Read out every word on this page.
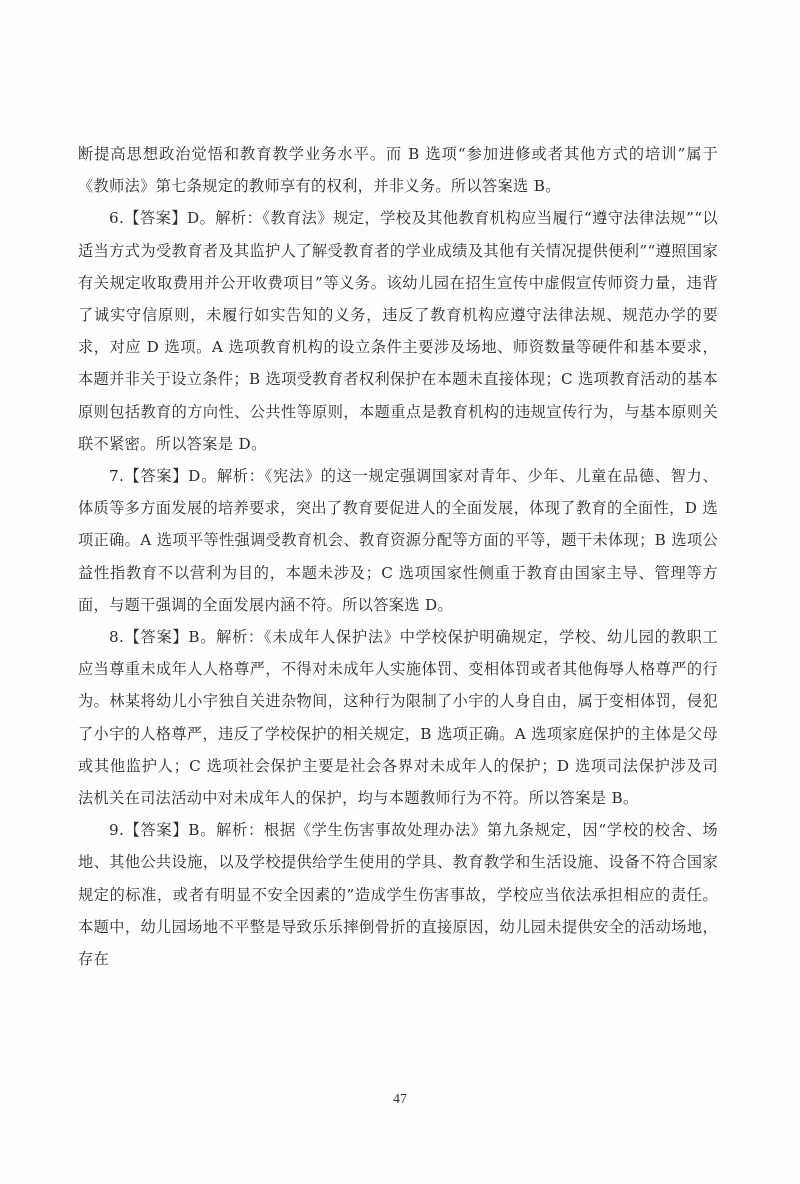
断提高思想政治觉悟和教育教学业务水平。而 B 选项“参加进修或者其他方式的培训”属于《教师法》第七条规定的教师享有的权利，并非义务。所以答案选 B。

6.【答案】D。解析：《教育法》规定，学校及其他教育机构应当履行“遵守法律法规”“以适当方式为受教育者及其监护人了解受教育者的学业成绩及其他有关情况提供便利”“遵照国家有关规定收取费用并公开收费项目”等义务。该幼儿园在招生宣传中虚假宣传师资力量，违背了诚实守信原则，未履行如实告知的义务，违反了教育机构应遵守法律法规、规范办学的要求，对应 D 选项。A 选项教育机构的设立条件主要涉及场地、师资数量等硬件和基本要求，本题并非关于设立条件；B 选项受教育者权利保护在本题未直接体现；C 选项教育活动的基本原则包括教育的方向性、公共性等原则，本题重点是教育机构的违规宣传行为，与基本原则关联不紧密。所以答案是 D。

7.【答案】D。解析：《宪法》的这一规定强调国家对青年、少年、儿童在品德、智力、体质等多方面发展的培养要求，突出了教育要促进人的全面发展，体现了教育的全面性，D 选项正确。A 选项平等性强调受教育机会、教育资源分配等方面的平等，题干未体现；B 选项公益性指教育不以营利为目的，本题未涉及；C 选项国家性侧重于教育由国家主导、管理等方面，与题干强调的全面发展内涵不符。所以答案选 D。

8.【答案】B。解析：《未成年人保护法》中学校保护明确规定，学校、幼儿园的教职工应当尊重未成年人人格尊严，不得对未成年人实施体罚、变相体罚或者其他侮辱人格尊严的行为。林某将幼儿小宇独自关进杂物间，这种行为限制了小宇的人身自由，属于变相体罚，侵犯了小宇的人格尊严，违反了学校保护的相关规定，B 选项正确。A 选项家庭保护的主体是父母或其他监护人；C 选项社会保护主要是社会各界对未成年人的保护；D 选项司法保护涉及司法机关在司法活动中对未成年人的保护，均与本题教师行为不符。所以答案是 B。

9.【答案】B。解析：根据《学生伤害事故处理办法》第九条规定，因“学校的校舍、场地、其他公共设施，以及学校提供给学生使用的学具、教育教学和生活设施、设备不符合国家规定的标准，或者有明显不安全因素的”造成学生伤害事故，学校应当依法承担相应的责任。本题中，幼儿园场地不平整是导致乐乐摔倒骨折的直接原因，幼儿园未提供安全的活动场地，存在

47
